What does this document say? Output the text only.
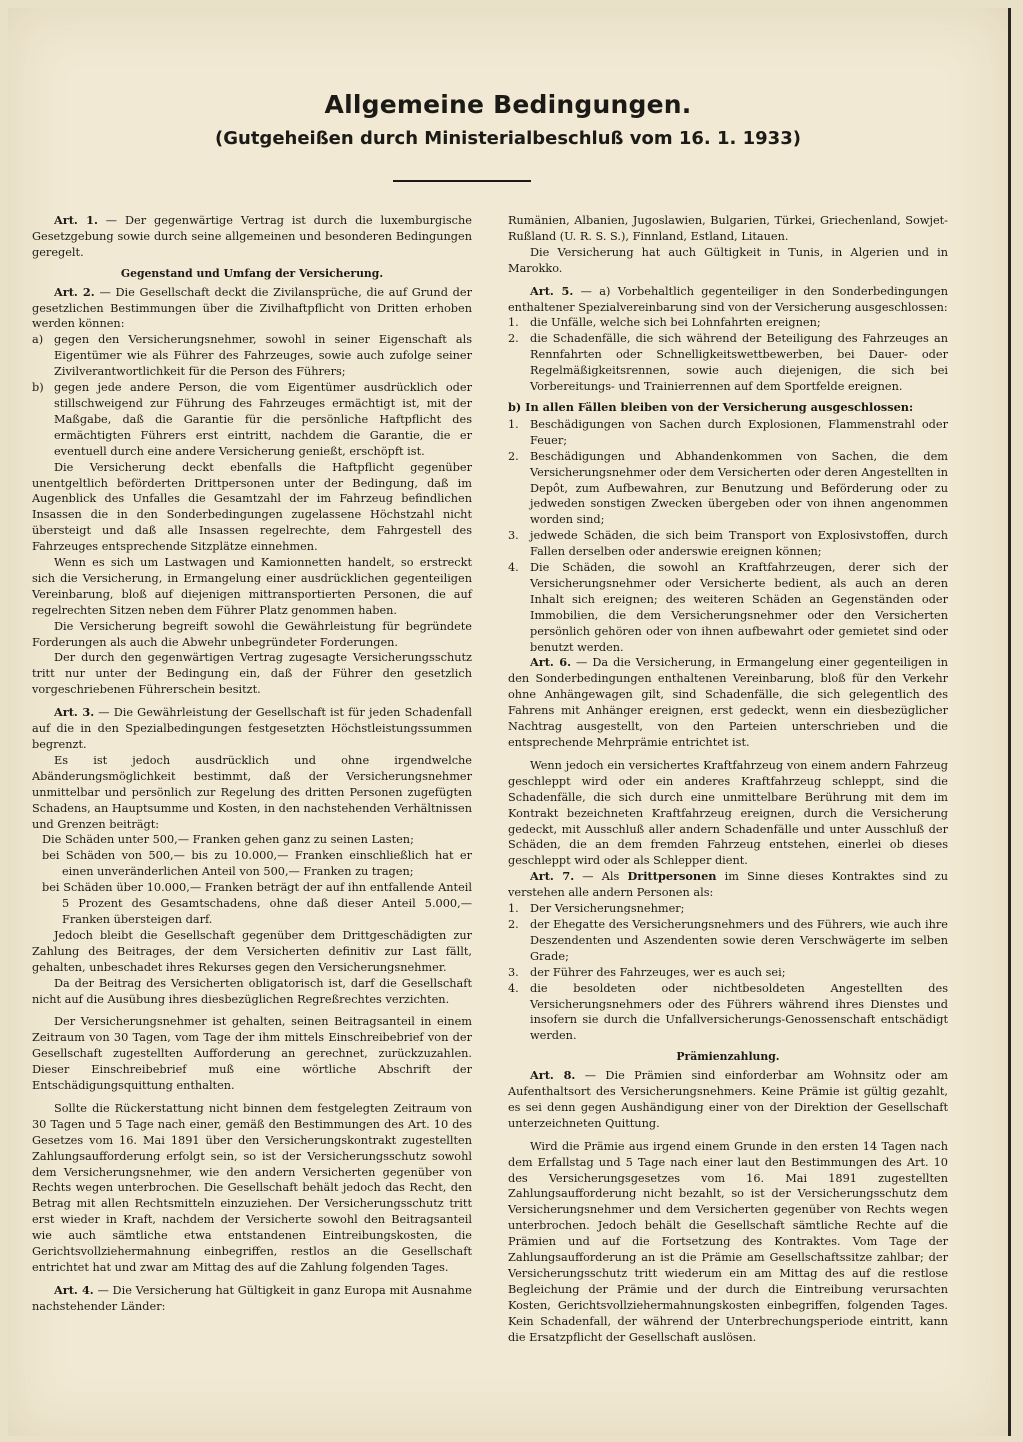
Allgemeine Bedingungen.
(Gutgeheißen durch Ministerialbeschluß vom 16. 1. 1933)

Art. 1. — Der gegenwärtige Vertrag ist durch die luxemburgische Gesetzgebung sowie durch seine allgemeinen und besonderen Bedingungen geregelt.

Gegenstand und Umfang der Versicherung.

Art. 2. — Die Gesellschaft deckt die Zivilansprüche, die auf Grund der gesetzlichen Bestimmungen über die Zivilhaftpflicht von Dritten erhoben werden können:

a) gegen den Versicherungsnehmer, sowohl in seiner Eigenschaft als Eigentümer wie als Führer des Fahrzeuges, sowie auch zufolge seiner Zivilverantwortlichkeit für die Person des Führers;
b) gegen jede andere Person, die vom Eigentümer ausdrücklich oder stillschweigend zur Führung des Fahrzeuges ermächtigt ist, mit der Maßgabe, daß die Garantie für die persönliche Haftpflicht des ermächtigten Führers erst eintritt, nachdem die Garantie, die er eventuell durch eine andere Versicherung genießt, erschöpft ist.

Die Versicherung deckt ebenfalls die Haftpflicht gegenüber unentgeltlich beförderten Drittpersonen unter der Bedingung, daß im Augenblick des Unfalles die Gesamtzahl der im Fahrzeug befindlichen Insassen die in den Sonderbedingungen zugelassene Höchstzahl nicht übersteigt und daß alle Insassen regelrechte, dem Fahrgestell des Fahrzeuges entsprechende Sitzplätze einnehmen.

Wenn es sich um Lastwagen und Kamionnetten handelt, so erstreckt sich die Versicherung, in Ermangelung einer ausdrücklichen gegenteiligen Vereinbarung, bloß auf diejenigen mittransportierten Personen, die auf regelrechten Sitzen neben dem Führer Platz genommen haben.

Die Versicherung begreift sowohl die Gewährleistung für begründete Forderungen als auch die Abwehr unbegründeter Forderungen.

Der durch den gegenwärtigen Vertrag zugesagte Versicherungsschutz tritt nur unter der Bedingung ein, daß der Führer den gesetzlich vorgeschriebenen Führerschein besitzt.

Art. 3. — Die Gewährleistung der Gesellschaft ist für jeden Schadenfall auf die in den Spezialbedingungen festgesetzten Höchstleistungssummen begrenzt.

Es ist jedoch ausdrücklich und ohne irgendwelche Abänderungsmöglichkeit bestimmt, daß der Versicherungsnehmer unmittelbar und persönlich zur Regelung des dritten Personen zugefügten Schadens, an Hauptsumme und Kosten, in den nachstehenden Verhältnissen und Grenzen beiträgt:

Die Schäden unter 500,— Franken gehen ganz zu seinen Lasten;

bei Schäden von 500,— bis zu 10.000,— Franken einschließlich hat er einen unveränderlichen Anteil von 500,— Franken zu tragen;

bei Schäden über 10.000,— Franken beträgt der auf ihn entfallende Anteil 5 Prozent des Gesamtschadens, ohne daß dieser Anteil 5.000,— Franken übersteigen darf.

Jedoch bleibt die Gesellschaft gegenüber dem Drittgeschädigten zur Zahlung des Beitrages, der dem Versicherten definitiv zur Last fällt, gehalten, unbeschadet ihres Rekurses gegen den Versicherungsnehmer.

Da der Beitrag des Versicherten obligatorisch ist, darf die Gesellschaft nicht auf die Ausübung ihres diesbezüglichen Regreßrechtes verzichten.

Der Versicherungsnehmer ist gehalten, seinen Beitragsanteil in einem Zeitraum von 30 Tagen, vom Tage der ihm mittels Einschreibebrief von der Gesellschaft zugestellten Aufforderung an gerechnet, zurückzuzahlen. Dieser Einschreibebrief muß eine wörtliche Abschrift der Entschädigungsquittung enthalten.

Sollte die Rückerstattung nicht binnen dem festgelegten Zeitraum von 30 Tagen und 5 Tage nach einer, gemäß den Bestimmungen des Art. 10 des Gesetzes vom 16. Mai 1891 über den Versicherungskontrakt zugestellten Zahlungsaufforderung erfolgt sein, so ist der Versicherungsschutz sowohl dem Versicherungsnehmer, wie den andern Versicherten gegenüber von Rechts wegen unterbrochen. Die Gesellschaft behält jedoch das Recht, den Betrag mit allen Rechtsmitteln einzuziehen. Der Versicherungsschutz tritt erst wieder in Kraft, nachdem der Versicherte sowohl den Beitragsanteil wie auch sämtliche etwa entstandenen Eintreibungskosten, die Gerichtsvollziehermahnung einbegriffen, restlos an die Gesellschaft entrichtet hat und zwar am Mittag des auf die Zahlung folgenden Tages.

Art. 4. — Die Versicherung hat Gültigkeit in ganz Europa mit Ausnahme nachstehender Länder:

Rumänien, Albanien, Jugoslawien, Bulgarien, Türkei, Griechenland, Sowjet-Rußland (U. R. S. S.), Finnland, Estland, Litauen.

Die Versicherung hat auch Gültigkeit in Tunis, in Algerien und in Marokko.

Art. 5. — a) Vorbehaltlich gegenteiliger in den Sonderbedingungen enthaltener Spezialvereinbarung sind von der Versicherung ausgeschlossen:

1. die Unfälle, welche sich bei Lohnfahrten ereignen;
2. die Schadenfälle, die sich während der Beteiligung des Fahrzeuges an Rennfahrten oder Schnelligkeitswettbewerben, bei Dauer- oder Regelmäßigkeitsrennen, sowie auch diejenigen, die sich bei Vorbereitungs- und Trainierrennen auf dem Sportfelde ereignen.

b) In allen Fällen bleiben von der Versicherung ausgeschlossen:

1. Beschädigungen von Sachen durch Explosionen, Flammenstrahl oder Feuer;
2. Beschädigungen und Abhandenkommen von Sachen, die dem Versicherungsnehmer oder dem Versicherten oder deren Angestellten in Depôt, zum Aufbewahren, zur Benutzung und Beförderung oder zu jedweden sonstigen Zwecken übergeben oder von ihnen angenommen worden sind;
3. jedwede Schäden, die sich beim Transport von Explosivstoffen, durch Fallen derselben oder anderswie ereignen können;
4. Die Schäden, die sowohl an Kraftfahrzeugen, derer sich der Versicherungsnehmer oder Versicherte bedient, als auch an deren Inhalt sich ereignen; des weiteren Schäden an Gegenständen oder Immobilien, die dem Versicherungsnehmer oder den Versicherten persönlich gehören oder von ihnen aufbewahrt oder gemietet sind oder benutzt werden.

Art. 6. — Da die Versicherung, in Ermangelung einer gegenteiligen in den Sonderbedingungen enthaltenen Vereinbarung, bloß für den Verkehr ohne Anhängewagen gilt, sind Schadenfälle, die sich gelegentlich des Fahrens mit Anhänger ereignen, erst gedeckt, wenn ein diesbezüglicher Nachtrag ausgestellt, von den Parteien unterschrieben und die entsprechende Mehrprämie entrichtet ist.

Wenn jedoch ein versichertes Kraftfahrzeug von einem andern Fahrzeug geschleppt wird oder ein anderes Kraftfahrzeug schleppt, sind die Schadenfälle, die sich durch eine unmittelbare Berührung mit dem im Kontrakt bezeichneten Kraftfahrzeug ereignen, durch die Versicherung gedeckt, mit Ausschluß aller andern Schadenfälle und unter Ausschluß der Schäden, die an dem fremden Fahrzeug entstehen, einerlei ob dieses geschleppt wird oder als Schlepper dient.

Art. 7. — Als Drittpersonen im Sinne dieses Kontraktes sind zu verstehen alle andern Personen als:

1. Der Versicherungsnehmer;
2. der Ehegatte des Versicherungsnehmers und des Führers, wie auch ihre Deszendenten und Aszendenten sowie deren Verschwägerte im selben Grade;
3. der Führer des Fahrzeuges, wer es auch sei;
4. die besoldeten oder nichtbesoldeten Angestellten des Versicherungsnehmers oder des Führers während ihres Dienstes und insofern sie durch die Unfallversicherungs-Genossenschaft entschädigt werden.

Prämienzahlung.

Art. 8. — Die Prämien sind einforderbar am Wohnsitz oder am Aufenthaltsort des Versicherungsnehmers. Keine Prämie ist gültig gezahlt, es sei denn gegen Aushändigung einer von der Direktion der Gesellschaft unterzeichneten Quittung.

Wird die Prämie aus irgend einem Grunde in den ersten 14 Tagen nach dem Erfallstag und 5 Tage nach einer laut den Bestimmungen des Art. 10 des Versicherungsgesetzes vom 16. Mai 1891 zugestellten Zahlungsaufforderung nicht bezahlt, so ist der Versicherungsschutz dem Versicherungsnehmer und dem Versicherten gegenüber von Rechts wegen unterbrochen. Jedoch behält die Gesellschaft sämtliche Rechte auf die Prämien und auf die Fortsetzung des Kontraktes. Vom Tage der Zahlungsaufforderung an ist die Prämie am Gesellschaftssitze zahlbar; der Versicherungsschutz tritt wiederum ein am Mittag des auf die restlose Begleichung der Prämie und der durch die Eintreibung verursachten Kosten, Gerichtsvollziehermahnungskosten einbegriffen, folgenden Tages. Kein Schadenfall, der während der Unterbrechungsperiode eintritt, kann die Ersatzpflicht der Gesellschaft auslösen.
